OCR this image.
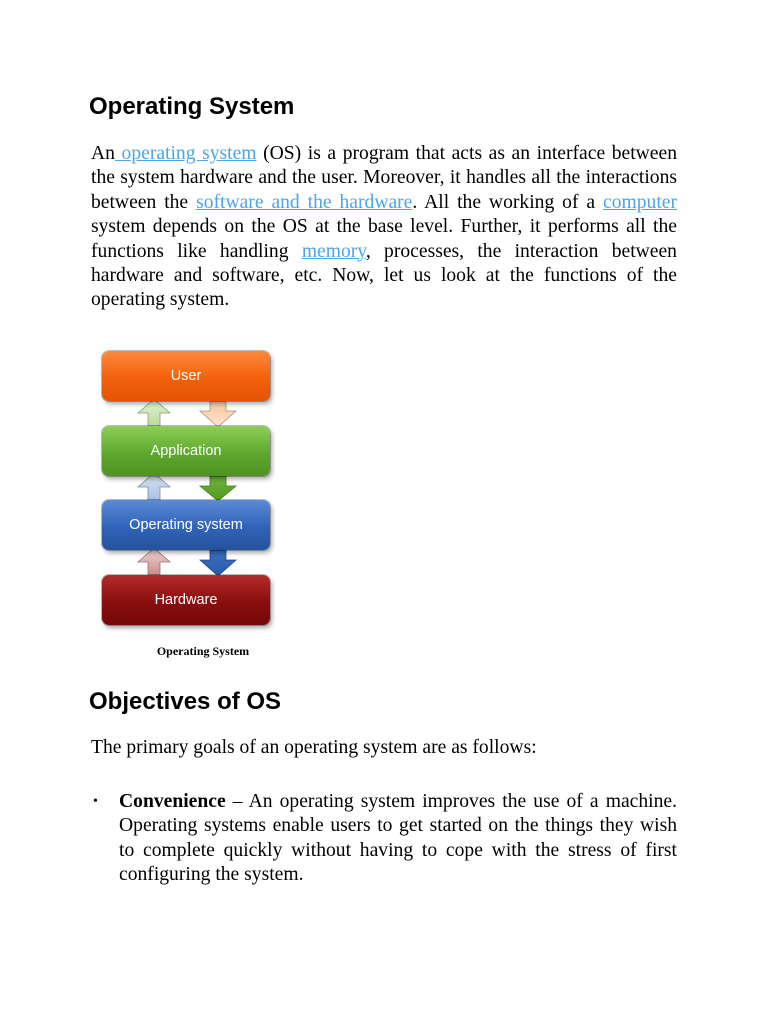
Operating System

An operating system (OS) is a program that acts as an interface between the system hardware and the user. Moreover, it handles all the interactions between the software and the hardware. All the working of a computer system depends on the OS at the base level. Further, it performs all the functions like handling memory, processes, the interaction between hardware and software, etc. Now, let us look at the functions of the operating system.

User
Application
Operating system
Hardware
Operating System
Objectives of OS

The primary goals of an operating system are as follows:

• Convenience – An operating system improves the use of a machine. Operating systems enable users to get started on the things they wish to complete quickly without having to cope with the stress of first configuring the system.
